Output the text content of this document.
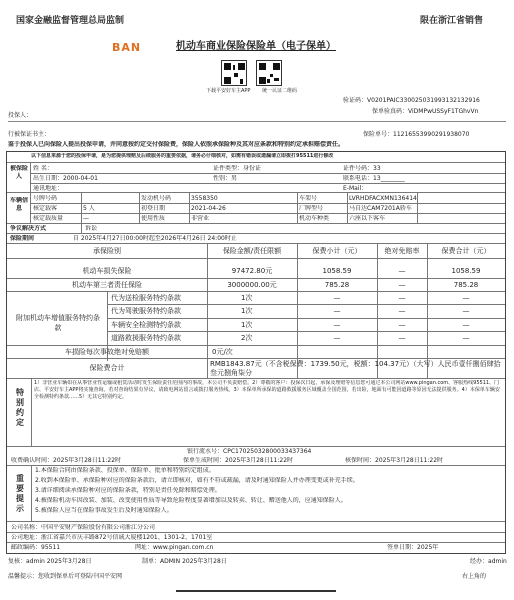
国家金融监督管理总局监制	限在浙江省销售
BAN	机动车商业保险保险单（电子保单）
下载平安好车主APP 统一认证二维码
验证码：V0201PAIC330025031993132132916
保单验真码：ViDMPwUSSyF1TGhvVn
投保人：
行被保证书主：	保险单号：11216553990291938070
鉴于投保人已向保险人提出投保申请，并同意按约定交付保险费，保险人依照承保险种及其对应条款和特别约定承担赔偿责任。
以下信息来源于您的投保申请，是为您提供理赔及后续服务的重要依据，请务必仔细核对，如需有错误或遗漏请立即拨打95511进行修改
被保险人
姓 名：	证件类型：身份证	证件号码：33
出生日期：2000-04-01	性别：男	联系电话：13________
通讯地址：	E-Mail：
车辆信息
号牌号码	发动机号码	3558350	车架号	LVRHDFACXMN136414
核定载客	5 人	初登日期	2021-04-26	厂牌型号	马自达CAM7201A轿车
核定载质量	—	使用性质	非营业	机动车种类	六座以下客车
争议解决方式	诉讼
保险期间	自 2025年4月27日00:00时起至2026年4月26日 24:00时止
承保险别	保险金额/责任限额	保费小计（元）	绝对免赔率	保费合计（元）
机动车损失保险	97472.80元	1058.59	—	1058.59
机动车第三者责任保险	3000000.00元	785.28	—	785.28
附加机动车增值服务特约条款
代为送检服务特约条款	1次	—	—	—
代为驾驶服务特约条款	1次	—	—	—
车辆安全检测特约条款	1次	—	—	—
道路救援服务特约条款	2次	—	—	—
车损险每次事故绝对免赔额	0元/次
保险费合计	RMB1843.87元（不含税保费：1739.50元，税额：104.37元）（大写）人民币壹仟捌佰肆拾叁元捌角柒分
特别约定
1）非营业车辆如在从事营业性运输或租赁活动时发生保险责任范围内的事故，本公司不负责赔偿。2）尊敬的客户：投保次日起，承保及理赔等信息您可通过本公司网站www.pingan.com、客服热线95511、门店、平安好车主APP将实施查询。若对查询结果有异议，请致电网站留言或拨打服务热线。3）本保单所承保的道路救援服务区域覆盖全国范围，若出险，地面有可能因道路等原因无法提供服务。4）本保单车辆安全检测特约条款……5）无其它特别约定。
银行流水号：CPC17025032800033437364
收费确认时间：2025年3月28日11:22时	保单生成时间：2025年3月28日11:22时	核保时间：2025年3月28日11:22时
重要提示
1.本保险合同由保险条款、投保单、保险单、批单和特别约定组成。
2.收到本保险单、承保险种对应的保险条款后，请立即核对，如有不符或疏漏，请及时通知保险人并办理变更或补充手续。
3.请详细阅读承保险种对应的保险条款，特别是责任免除和赔偿处理。
4.被保险机动车因改装、加装、改变使用性质等导致危险程度显著增加以及转卖、转让、赠送他人的，应通知保险人。
5.被保险人应当在保险事故发生后及时通知保险人。
公司名称：中国平安财产保险股份有限公司浙江分公司
公司地址：浙江省嘉兴市庆丰路872号信诚大厦楼1201、1301-2、1701室
邮政编码：95511	网址：www.pingan.com.cn	签单日期：2025年
复核：admin 2025年3月28日	制单：ADMIN 2025年3月28日	经办：admin
温馨提示：您收到保单后可登陆中国平安网	右上角的
